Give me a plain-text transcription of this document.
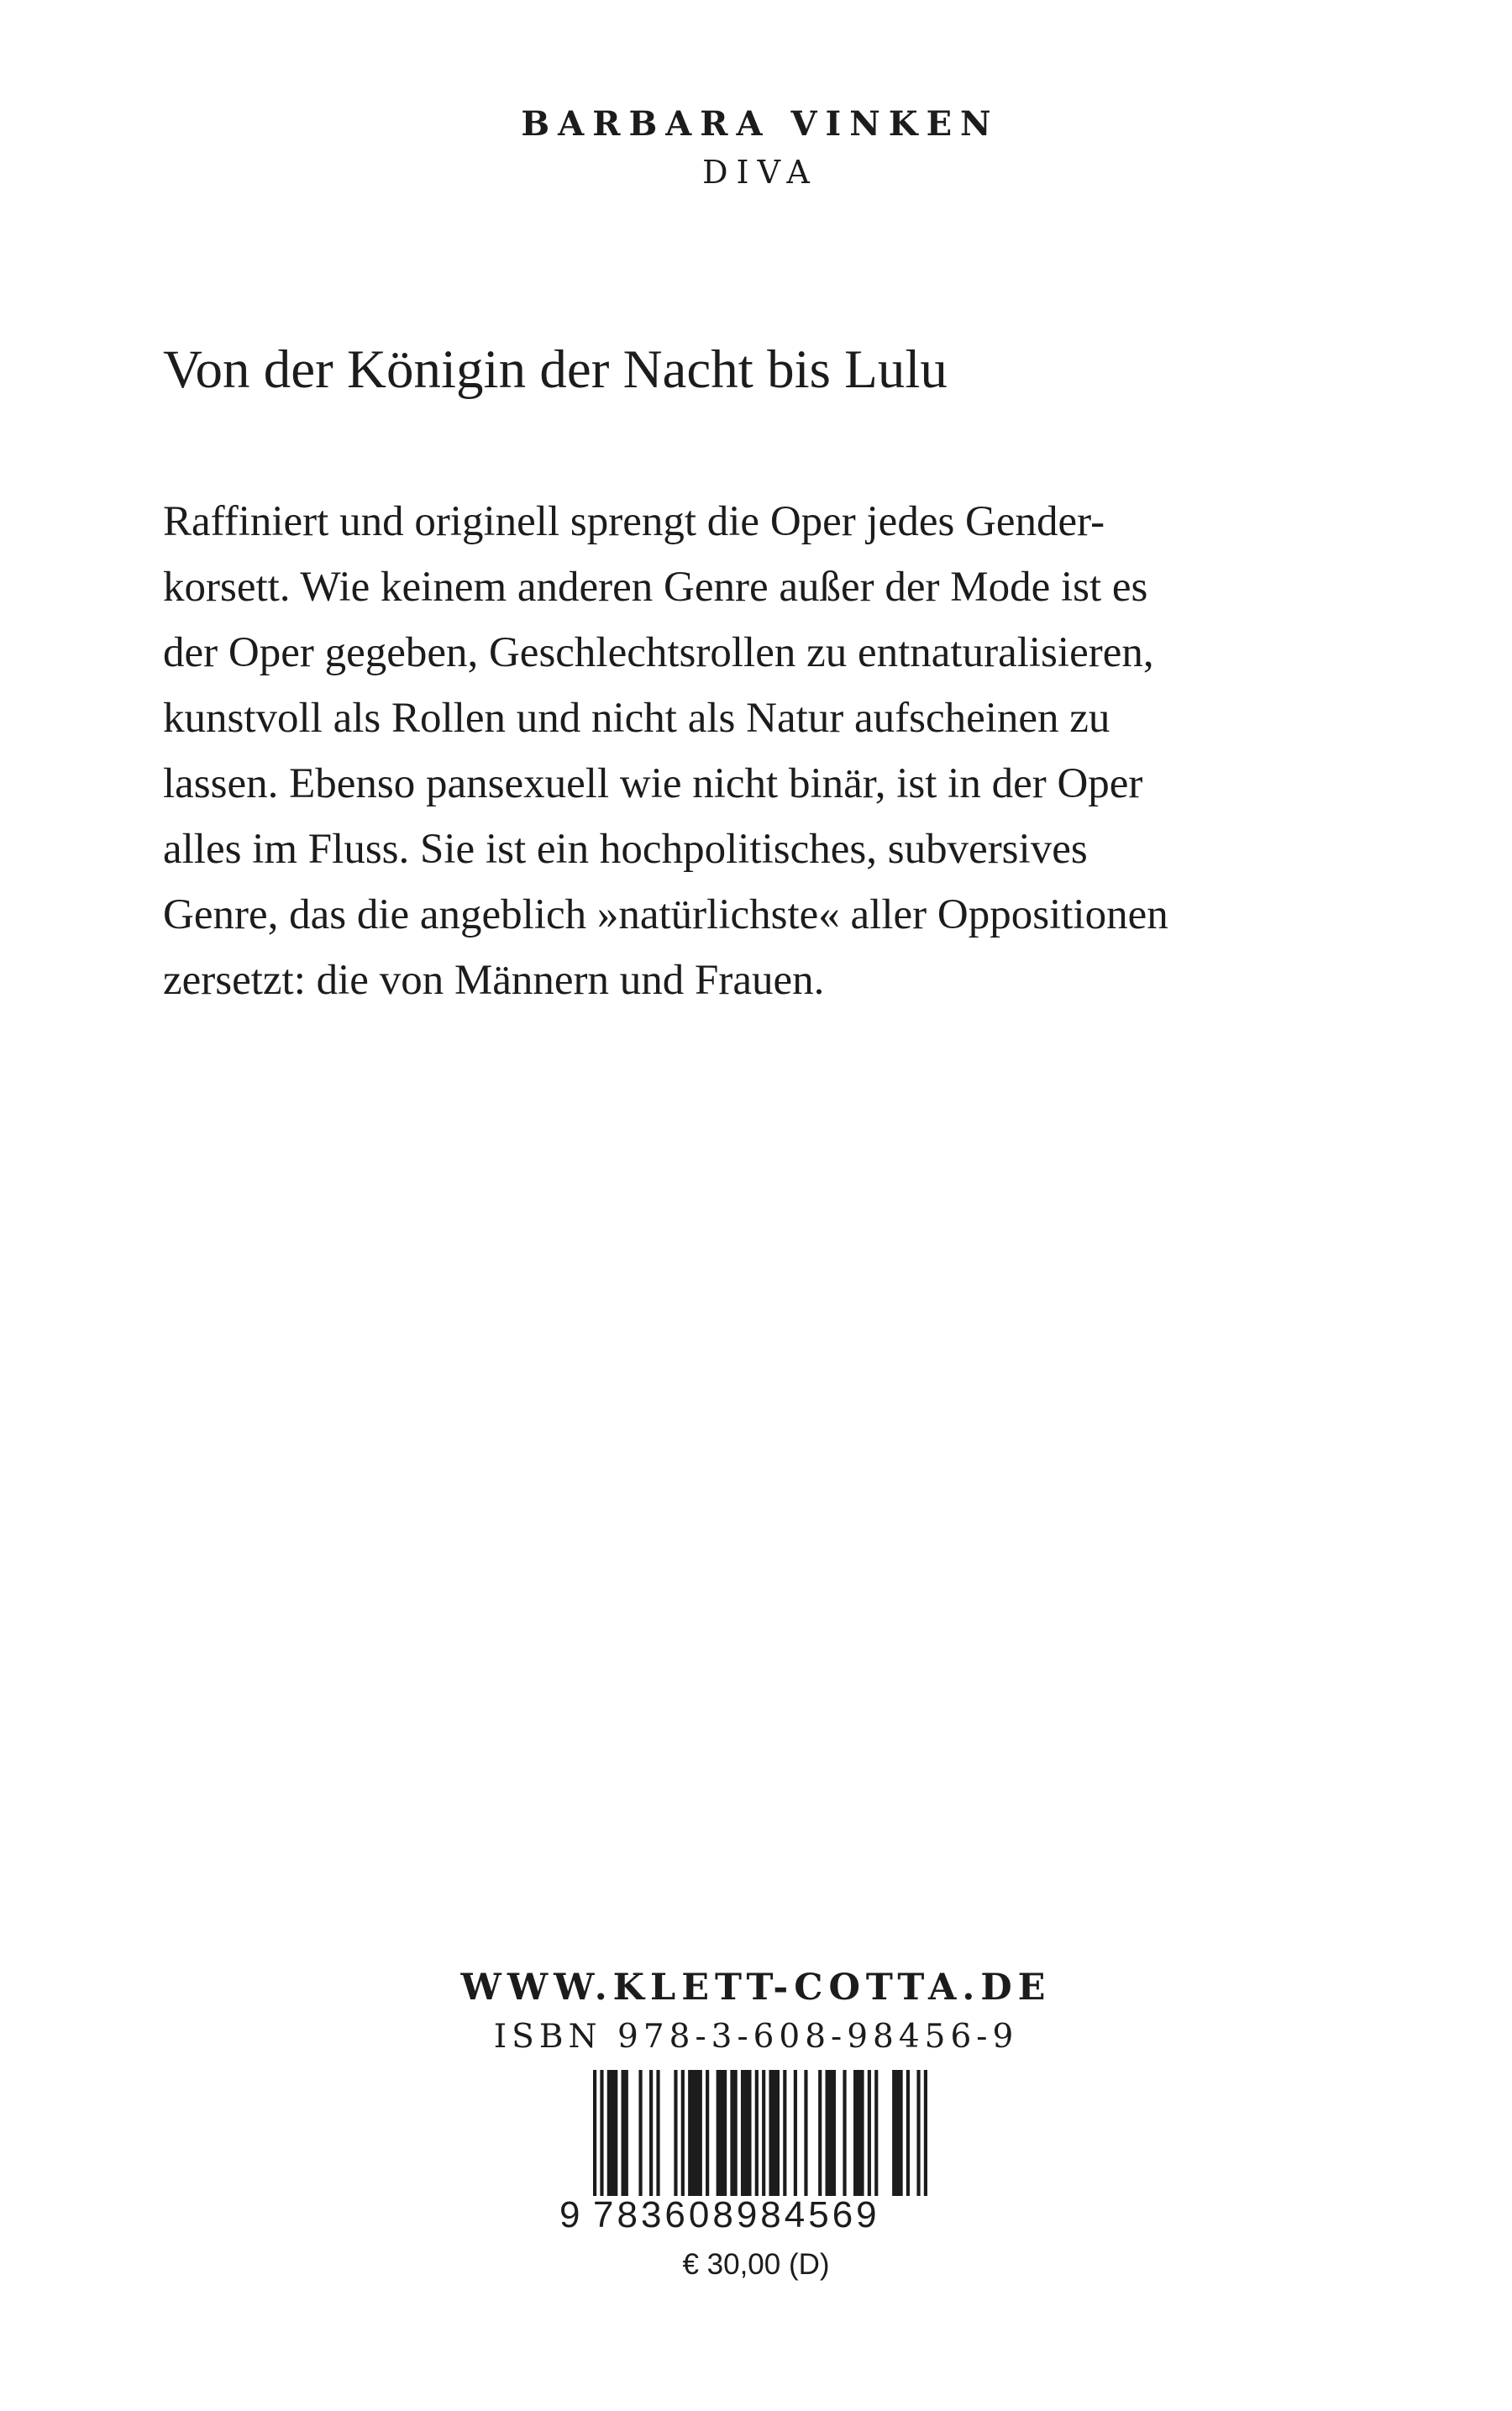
BARBARA VINKEN
DIVA
Von der Königin der Nacht bis Lulu
Raffiniert und originell sprengt die Oper jedes Gender-
korsett. Wie keinem anderen Genre außer der Mode ist es
der Oper gegeben, Geschlechtsrollen zu entnaturalisieren,
kunstvoll als Rollen und nicht als Natur aufscheinen zu
lassen. Ebenso pansexuell wie nicht binär, ist in der Oper
alles im Fluss. Sie ist ein hochpolitisches, subversives
Genre, das die angeblich »natürlichste« aller Oppositionen
zersetzt: die von Männern und Frauen.
WWW.KLETT-COTTA.DE
ISBN 978-3-608-98456-9
9 783608984569
€ 30,00 (D)
